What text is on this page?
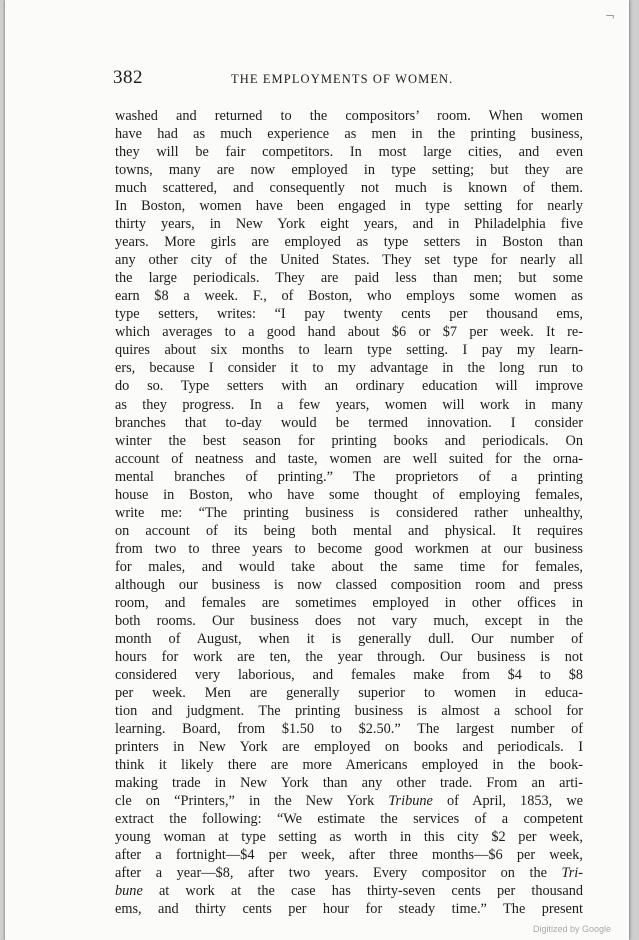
¬
382	THE EMPLOYMENTS OF WOMEN.
washed and returned to the compositors’ room. When women
have had as much experience as men in the printing business,
they will be fair competitors. In most large cities, and even
towns, many are now employed in type setting; but they are
much scattered, and consequently not much is known of them.
In Boston, women have been engaged in type setting for nearly
thirty years, in New York eight years, and in Philadelphia five
years. More girls are employed as type setters in Boston than
any other city of the United States. They set type for nearly all
the large periodicals. They are paid less than men; but some
earn $8 a week. F., of Boston, who employs some women as
type setters, writes: “I pay twenty cents per thousand ems,
which averages to a good hand about $6 or $7 per week. It re-
quires about six months to learn type setting. I pay my learn-
ers, because I consider it to my advantage in the long run to
do so. Type setters with an ordinary education will improve
as they progress. In a few years, women will work in many
branches that to-day would be termed innovation. I consider
winter the best season for printing books and periodicals. On
account of neatness and taste, women are well suited for the orna-
mental branches of printing.” The proprietors of a printing
house in Boston, who have some thought of employing females,
write me: “The printing business is considered rather unhealthy,
on account of its being both mental and physical. It requires
from two to three years to become good workmen at our business
for males, and would take about the same time for females,
although our business is now classed composition room and press
room, and females are sometimes employed in other offices in
both rooms. Our business does not vary much, except in the
month of August, when it is generally dull. Our number of
hours for work are ten, the year through. Our business is not
considered very laborious, and females make from $4 to $8
per week. Men are generally superior to women in educa-
tion and judgment. The printing business is almost a school for
learning. Board, from $1.50 to $2.50.” The largest number of
printers in New York are employed on books and periodicals. I
think it likely there are more Americans employed in the book-
making trade in New York than any other trade. From an arti-
cle on “Printers,” in the New York Tribune of April, 1853, we
extract the following: “We estimate the services of a competent
young woman at type setting as worth in this city $2 per week,
after a fortnight—$4 per week, after three months—$6 per week,
after a year—$8, after two years. Every compositor on the Tri-
bune at work at the case has thirty-seven cents per thousand
ems, and thirty cents per hour for steady time.” The present
Digitized by Google
